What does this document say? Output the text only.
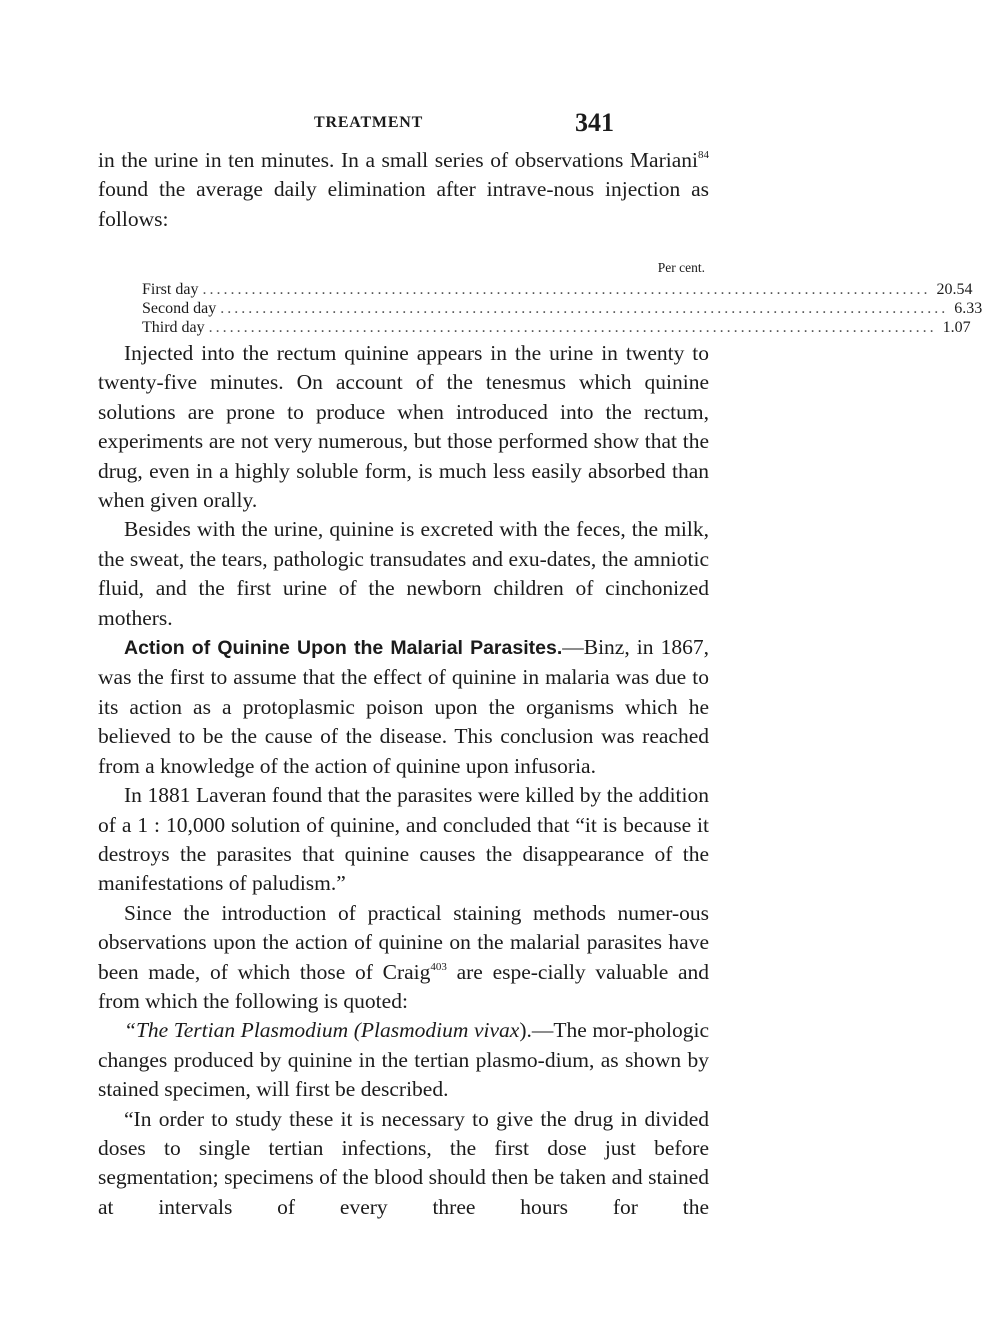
TREATMENT	341

in the urine in ten minutes. In a small series of observations Mariani$^{84}$ found the average daily elimination after intrave-nous injection as follows:

Per cent.
First day ........................................................................................................ 20.54
Second day ........................................................................................................ 6.33
Third day ........................................................................................................ 1.07

Injected into the rectum quinine appears in the urine in twenty to twenty-five minutes. On account of the tenesmus which quinine solutions are prone to produce when introduced into the rectum, experiments are not very numerous, but those performed show that the drug, even in a highly soluble form, is much less easily absorbed than when given orally.

Besides with the urine, quinine is excreted with the feces, the milk, the sweat, the tears, pathologic transudates and exu-dates, the amniotic fluid, and the first urine of the newborn children of cinchonized mothers.

Action of Quinine Upon the Malarial Parasites.—Binz, in 1867, was the first to assume that the effect of quinine in malaria was due to its action as a protoplasmic poison upon the organisms which he believed to be the cause of the disease. This conclusion was reached from a knowledge of the action of quinine upon infusoria.

In 1881 Laveran found that the parasites were killed by the addition of a 1 : 10,000 solution of quinine, and concluded that “it is because it destroys the parasites that quinine causes the disappearance of the manifestations of paludism.”

Since the introduction of practical staining methods numer-ous observations upon the action of quinine on the malarial parasites have been made, of which those of Craig$^{403}$ are espe-cially valuable and from which the following is quoted:

“The Tertian Plasmodium (Plasmodium vivax).—The mor-phologic changes produced by quinine in the tertian plasmo-dium, as shown by stained specimen, will first be described.

“In order to study these it is necessary to give the drug in divided doses to single tertian infections, the first dose just before segmentation; specimens of the blood should then be taken and stained at intervals of every three hours for the
